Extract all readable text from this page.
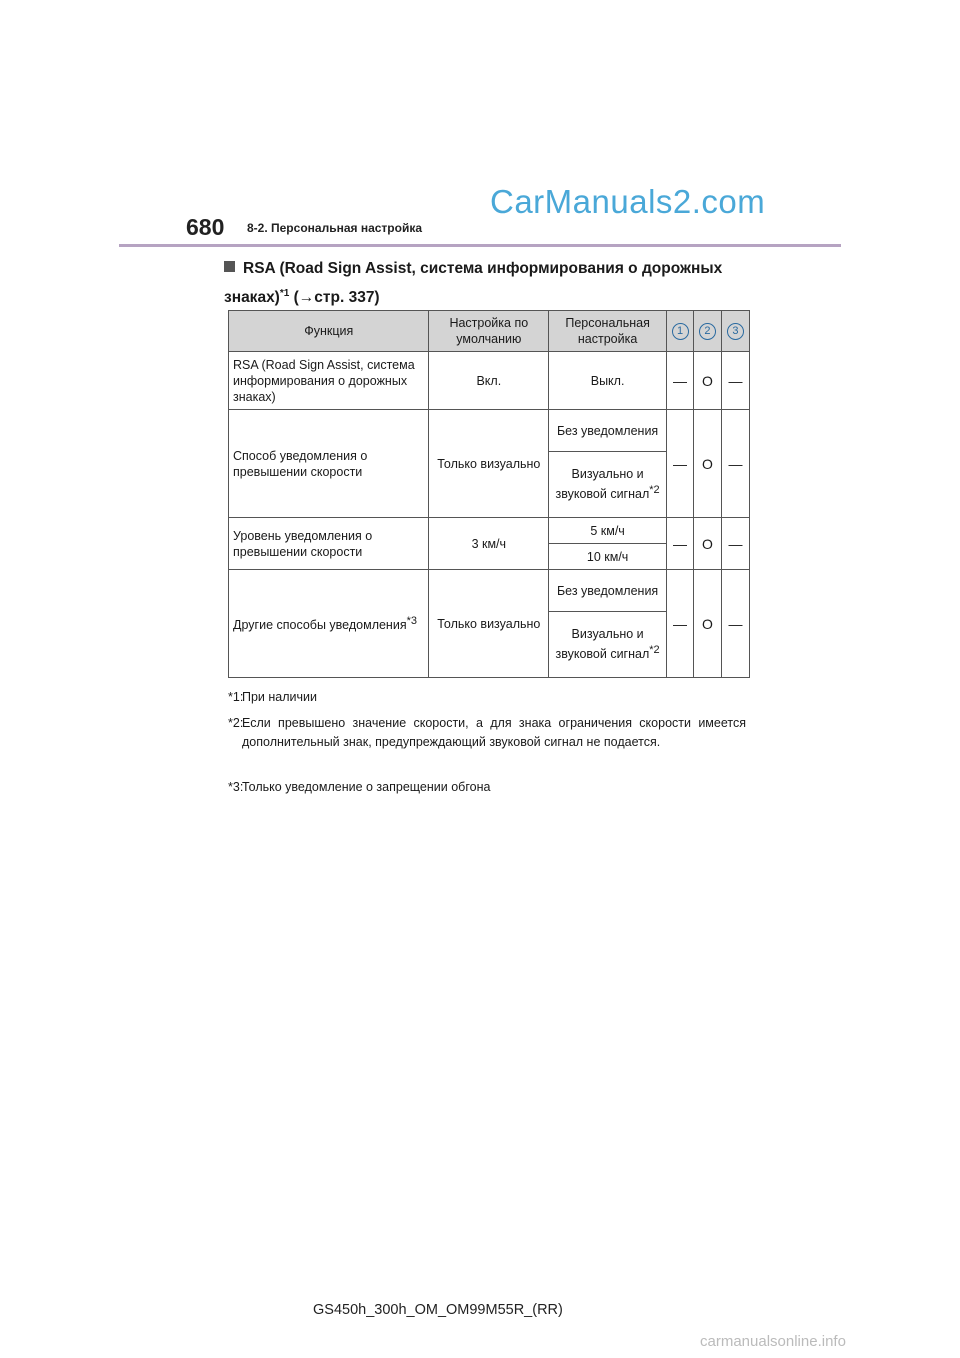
680 8-2. Персональная настройка
CarManuals2.com
RSA (Road Sign Assist, система информирования о дорожных знаках)$^{*1}$ (→стр. 337)
Функция	Настройка по умолчанию	Персональная настройка	1	2	3
RSA (Road Sign Assist, система информирования о дорожных знаках)	Вкл.	Выкл.	—	O	—
Способ уведомления о превышении скорости	Только визуально	Без уведомления	—	O	—
		Визуально и звуковой сигнал$^{*2}$
Уровень уведомления о превышении скорости	3 км/ч	5 км/ч	—	O	—
		10 км/ч			
Другие способы уведомления$^{*3}$	Только визуально	Без уведомления	—	O	—
		Визуально и звуковой сигнал$^{*2}$
*1:
При наличии
*2:
Если превышено значение скорости, а для знака ограничения скорости имеется дополнительный знак, предупреждающий звуковой сигнал не подается.
*3:
Только уведомление о запрещении обгона
GS450h_300h_OM_OM99M55R_(RR)
carmanualsonline.info
